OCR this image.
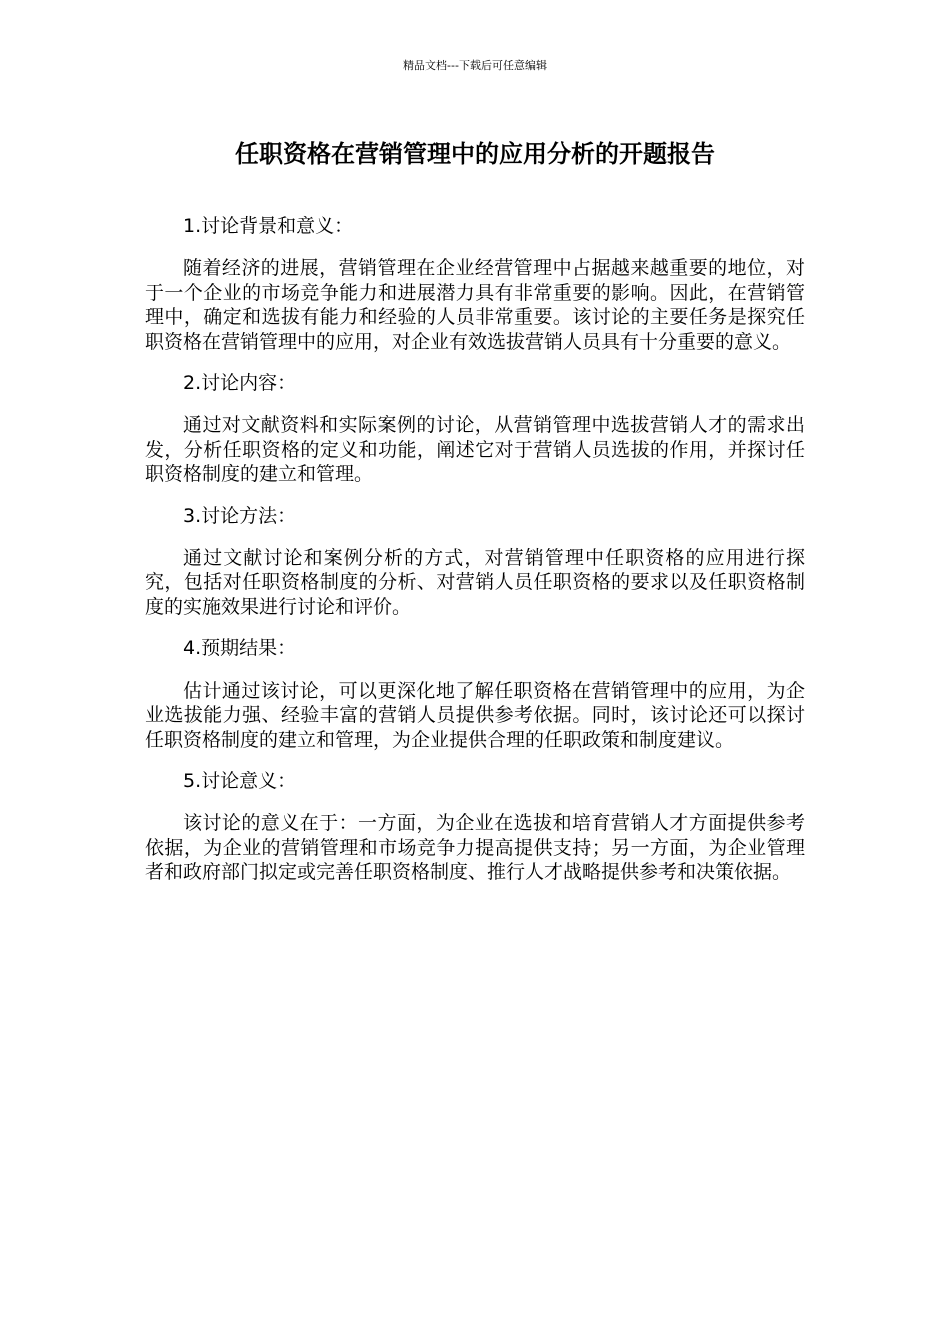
精品文档---下载后可任意编辑
任职资格在营销管理中的应用分析的开题报告

1.讨论背景和意义：

随着经济的进展，营销管理在企业经营管理中占据越来越重要的地位，对于一个企业的市场竞争能力和进展潜力具有非常重要的影响。因此，在营销管理中，确定和选拔有能力和经验的人员非常重要。该讨论的主要任务是探究任职资格在营销管理中的应用，对企业有效选拔营销人员具有十分重要的意义。

2.讨论内容：

通过对文献资料和实际案例的讨论，从营销管理中选拔营销人才的需求出发，分析任职资格的定义和功能，阐述它对于营销人员选拔的作用，并探讨任职资格制度的建立和管理。

3.讨论方法：

通过文献讨论和案例分析的方式，对营销管理中任职资格的应用进行探究，包括对任职资格制度的分析、对营销人员任职资格的要求以及任职资格制度的实施效果进行讨论和评价。

4.预期结果：

估计通过该讨论，可以更深化地了解任职资格在营销管理中的应用，为企业选拔能力强、经验丰富的营销人员提供参考依据。同时，该讨论还可以探讨任职资格制度的建立和管理，为企业提供合理的任职政策和制度建议。

5.讨论意义：

该讨论的意义在于：一方面，为企业在选拔和培育营销人才方面提供参考依据，为企业的营销管理和市场竞争力提高提供支持；另一方面，为企业管理者和政府部门拟定或完善任职资格制度、推行人才战略提供参考和决策依据。
